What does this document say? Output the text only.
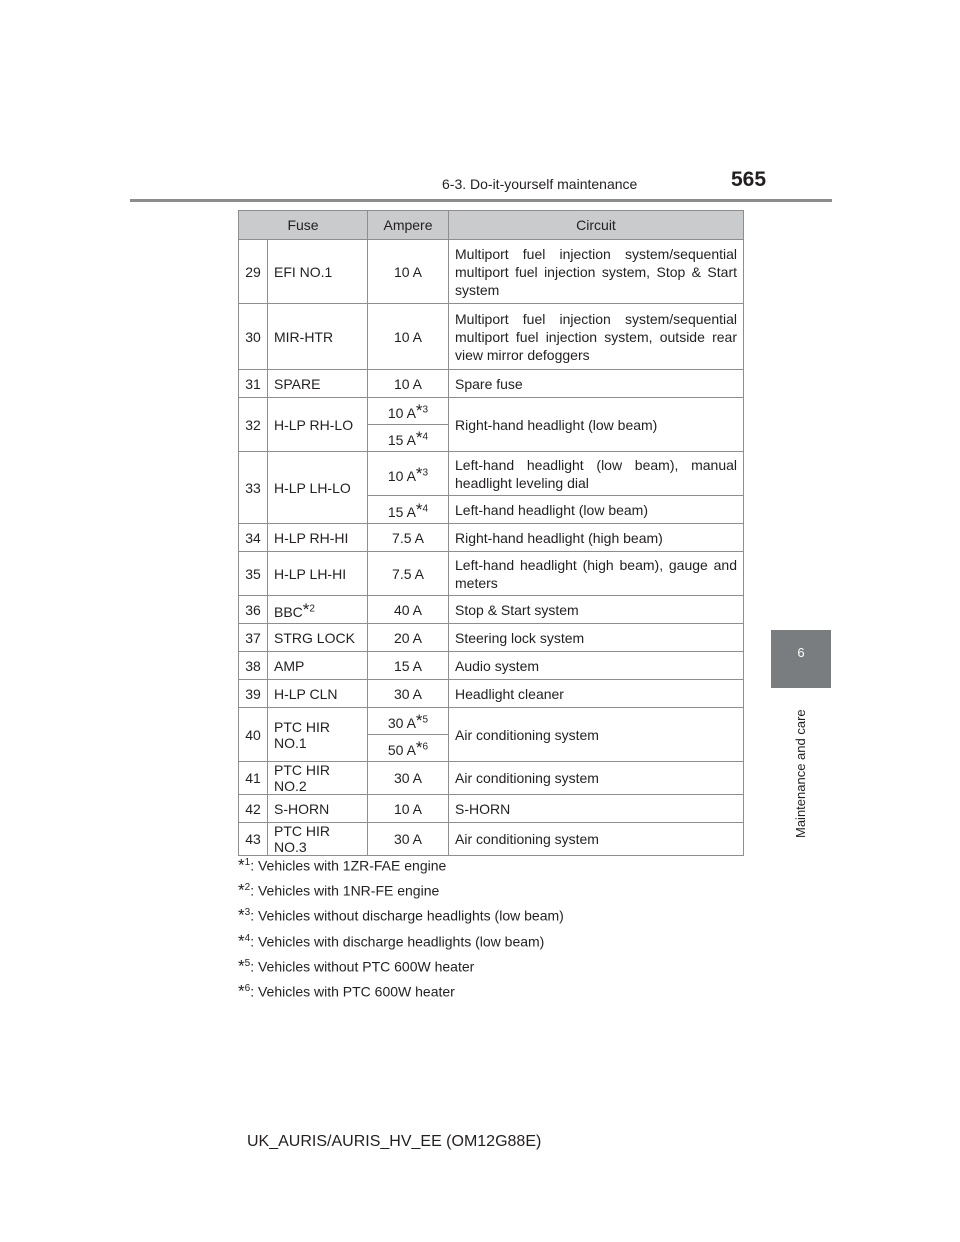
6-3. Do-it-yourself maintenance	565
6
Maintenance and care
Fuse		Ampere	Circuit
29	EFI NO.1	10 A	Multiport fuel injection system/sequential multiport fuel injection system, Stop & Start system
30	MIR-HTR	10 A	Multiport fuel injection system/sequential multiport fuel injection system, outside rear view mirror defoggers
31	SPARE	10 A	Spare fuse
32	H-LP RH-LO	10 A*$^3$	Right-hand headlight (low beam)
		15 A*$^4$
33	H-LP LH-LO	10 A*$^3$	Left-hand headlight (low beam), manual headlight leveling dial
		15 A*$^4$	Left-hand headlight (low beam)
34	H-LP RH-HI	7.5 A	Right-hand headlight (high beam)
35	H-LP LH-HI	7.5 A	Left-hand headlight (high beam), gauge and meters
36	BBC*$^2$	40 A	Stop & Start system
37	STRG LOCK	20 A	Steering lock system
38	AMP	15 A	Audio system
39	H-LP CLN	30 A	Headlight cleaner
40	PTC HIR NO.1	30 A*$^5$	Air conditioning system
		50 A*$^6$
41	PTC HIR NO.2	30 A	Air conditioning system
42	S-HORN	10 A	S-HORN
43	PTC HIR NO.3	30 A	Air conditioning system
*$^1$: Vehicles with 1ZR-FAE engine
*$^2$: Vehicles with 1NR-FE engine
*$^3$: Vehicles without discharge headlights (low beam)
*$^4$: Vehicles with discharge headlights (low beam)
*$^5$: Vehicles without PTC 600W heater
*$^6$: Vehicles with PTC 600W heater
UK_AURIS/AURIS_HV_EE (OM12G88E)
